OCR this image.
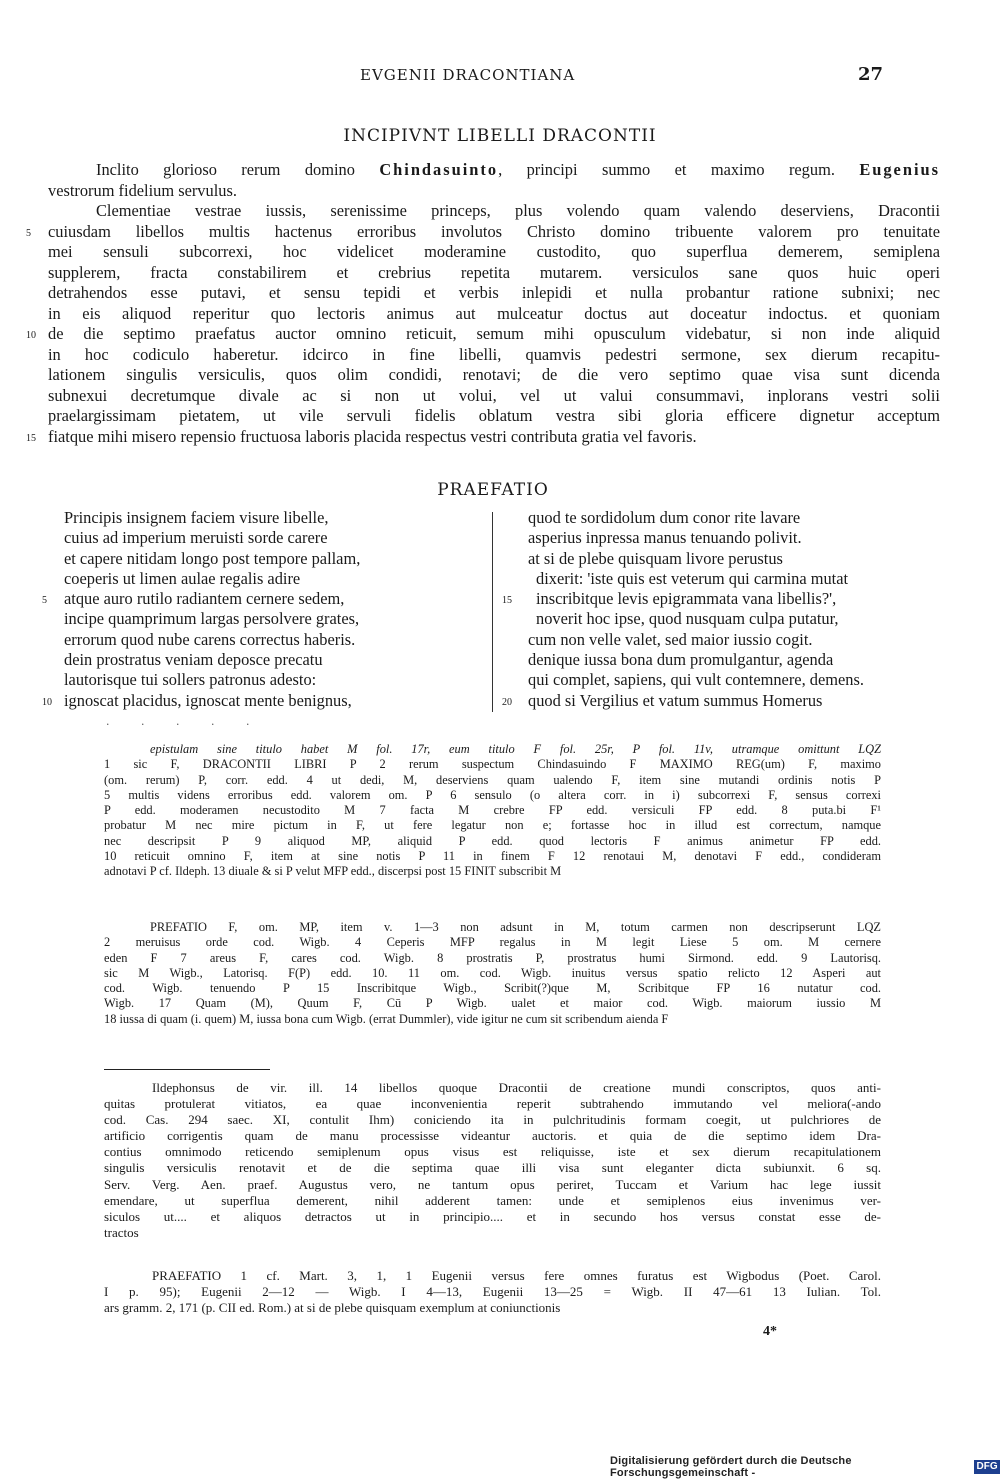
EVGENII DRACONTIANA	27
INCIPIVNT LIBELLI DRACONTII
Inclito glorioso rerum domino Chindasuinto, principi summo et maximo regum. Eugenius
vestrorum fidelium servulus.
Clementiae vestrae iussis, serenissime princeps, plus volendo quam valendo deserviens, Dracontii
5 cuiusdam libellos multis hactenus erroribus involutos Christo domino tribuente valorem pro tenuitate
mei sensuli subcorrexi, hoc videlicet moderamine custodito, quo superflua demerem, semiplena
supplerem, fracta constabilirem et crebrius repetita mutarem. versiculos sane quos huic operi
detrahendos esse putavi, et sensu tepidi et verbis inlepidi et nulla probantur ratione subnixi; nec
in eis aliquod reperitur quo lectoris animus aut mulceatur doctus aut doceatur indoctus. et quoniam
10 de die septimo praefatus auctor omnino reticuit, semum mihi opusculum videbatur, si non inde aliquid
in hoc codiculo haberetur. idcirco in fine libelli, quamvis pedestri sermone, sex dierum recapitu-
lationem singulis versiculis, quos olim condidi, renotavi; de die vero septimo quae visa sunt dicenda
subnexui decretumque divale ac si non ut volui, vel ut valui consummavi, inplorans vestri solii
praelargissimam pietatem, ut vile servuli fidelis oblatum vestra sibi gloria efficere dignetur acceptum
15 fiatque mihi misero repensio fructuosa laboris placida respectus vestri contributa gratia vel favoris.
PRAEFATIO
Principis insignem faciem visure libelle,
cuius ad imperium meruisti sorde carere
et capere nitidam longo post tempore pallam,
coeperis ut limen aulae regalis adire
5 atque auro rutilo radiantem cernere sedem,
incipe quamprimum largas persolvere grates,
errorum quod nube carens correctus haberis.
dein prostratus veniam deposce precatu
lautorisque tui sollers patronus adesto:
10 ignoscat placidus, ignoscat mente benignus,
quod te sordidolum dum conor rite lavare
asperius inpressa manus tenuando polivit.
at si de plebe quisquam livore perustus
dixerit: 'iste quis est veterum qui carmina mutat
15 inscribitque levis epigrammata vana libellis?',
noverit hoc ipse, quod nusquam culpa putatur,
cum non velle valet, sed maior iussio cogit.
denique iussa bona dum promulgantur, agenda
qui complet, sapiens, qui vult contemnere, demens.
20 quod si Vergilius et vatum summus Homerus
· · · · ·
epistulam sine titulo habet M fol. 17r, eum titulo F fol. 25r, P fol. 11v, utramque omittunt LQZ
1 sic F, DRACONTII LIBRI P 2 rerum suspectum Chindasuindo F MAXIMO REG(um) F, maximo
(om. rerum) P, corr. edd. 4 ut dedi, M, deserviens quam ualendo F, item sine mutandi ordinis notis P
5 multis videns erroribus edd. valorem om. P 6 sensulo (o altera corr. in i) subcorrexi F, sensus correxi
P edd. moderamen necustodito M 7 facta M crebre FP edd. versiculi FP edd. 8 puta.bi F¹
probatur M nec mire pictum in F, ut fere legatur non e; fortasse hoc in illud est correctum, namque
nec descripsit P 9 aliquod MP, aliquid P edd. quod lectoris F animus animetur FP edd.
10 reticuit omnino F, item at sine notis P 11 in finem F 12 renotaui M, denotavi F edd., condideram
adnotavi P cf. Ildeph. 13 diuale & si P velut MFP edd., discerpsi post 15 FINIT subscribit M
PREFATIO F, om. MP, item v. 1—3 non adsunt in M, totum carmen non descripserunt LQZ
2 meruisus orde cod. Wigb. 4 Ceperis MFP regalus in M legit Liese 5 om. M cernere
eden F 7 areus F, cares cod. Wigb. 8 prostratis P, prostratus humi Sirmond. edd. 9 Lautorisq.
sic M Wigb., Latorisq. F(P) edd. 10. 11 om. cod. Wigb. inuitus versus spatio relicto 12 Asperi aut
cod. Wigb. tenuendo P 15 Inscribitque Wigb., Scribit(?)que M, Scribitque FP 16 nutatur cod.
Wigb. 17 Quam (M), Quum F, Cū P Wigb. ualet et maior cod. Wigb. maiorum iussio M
18 iussa di quam (i. quem) M, iussa bona cum Wigb. (errat Dummler), vide igitur ne cum sit scribendum aienda F
Ildephonsus de vir. ill. 14 libellos quoque Dracontii de creatione mundi conscriptos, quos anti-
quitas protulerat vitiatos, ea quae inconvenientia reperit subtrahendo immutando vel meliora(-ando
cod. Cas. 294 saec. XI, contulit Ihm) coniciendo ita in pulchritudinis formam coegit, ut pulchriores de
artificio corrigentis quam de manu processisse videantur auctoris. et quia de die septimo idem Dra-
contius omnimodo reticendo semiplenum opus visus est reliquisse, iste et sex dierum recapitulationem
singulis versiculis renotavit et de die septima quae illi visa sunt eleganter dicta subiunxit. 6 sq.
Serv. Verg. Aen. praef. Augustus vero, ne tantum opus periret, Tuccam et Varium hac lege iussit
emendare, ut superflua demerent, nihil adderent tamen: unde et semiplenos eius invenimus ver-
siculos ut.... et aliquos detractos ut in principio.... et in secundo hos versus constat esse de-
tractos
PRAEFATIO 1 cf. Mart. 3, 1, 1 Eugenii versus fere omnes furatus est Wigbodus (Poet. Carol.
I p. 95); Eugenii 2—12 — Wigb. I 4—13, Eugenii 13—25 = Wigb. II 47—61 13 Iulian. Tol.
ars gramm. 2, 171 (p. CII ed. Rom.) at si de plebe quisquam exemplum at coniunctionis
4*
Digitalisierung gefördert durch die Deutsche Forschungsgemeinschaft -
DFG
